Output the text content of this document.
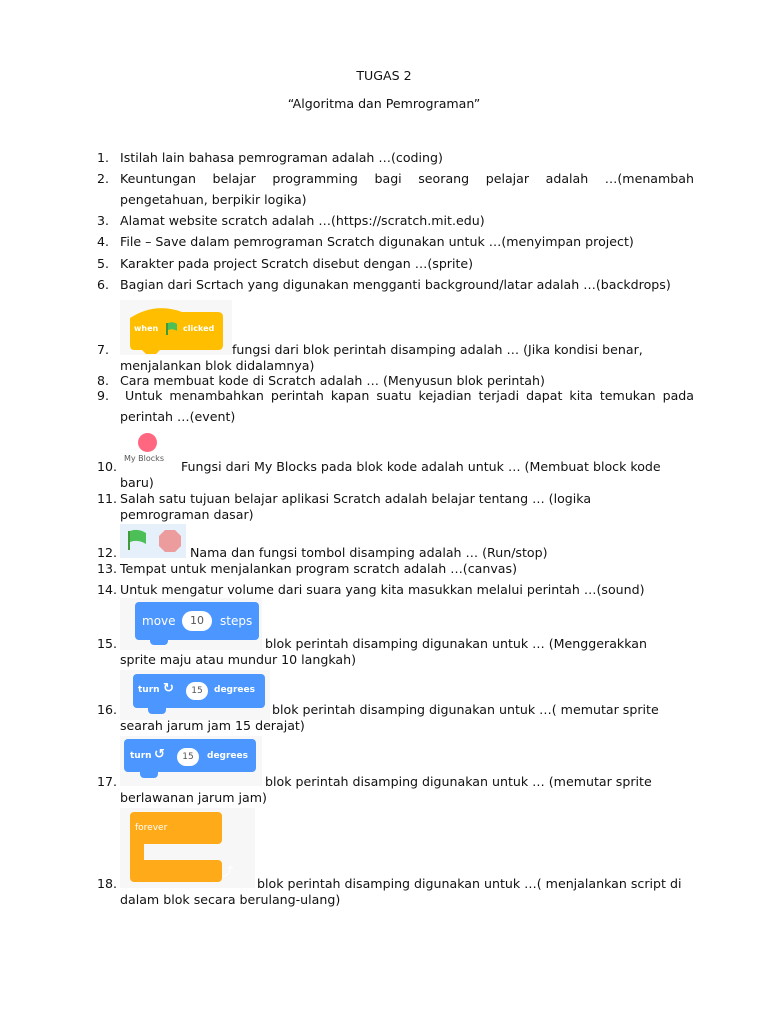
TUGAS 2
“Algoritma dan Pemrograman”
1. Istilah lain bahasa pemrograman adalah …(coding)
2. Keuntungan belajar programming bagi seorang pelajar adalah …(menambah
pengetahuan, berpikir logika)
3. Alamat website scratch adalah …(https://scratch.mit.edu)
4. File – Save dalam pemrograman Scratch digunakan untuk …(menyimpan project)
5. Karakter pada project Scratch disebut dengan …(sprite)
6. Bagian dari Scrtach yang digunakan mengganti background/latar adalah …(backdrops)
when	clicked
7.	fungsi dari blok perintah disamping adalah … (Jika kondisi benar,
menjalankan blok didalamnya)
8. Cara membuat kode di Scratch adalah … (Menyusun blok perintah)
9. Untuk menambahkan perintah kapan suatu kejadian terjadi dapat kita temukan pada
perintah …(event)
My Blocks
10.	Fungsi dari My Blocks pada blok kode adalah untuk … (Membuat block kode
baru)
11. Salah satu tujuan belajar aplikasi Scratch adalah belajar tentang … (logika
pemrograman dasar)
12.	Nama dan fungsi tombol disamping adalah … (Run/stop)
13. Tempat untuk menjalankan program scratch adalah …(canvas)
14. Untuk mengatur volume dari suara yang kita masukkan melalui perintah …(sound)
move	10	steps
15.	blok perintah disamping digunakan untuk … (Menggerakkan
sprite maju atau mundur 10 langkah)
turn ↻	15	degrees
16.	blok perintah disamping digunakan untuk …( memutar sprite
searah jarum jam 15 derajat)
turn ↺	15	degrees
17.	blok perintah disamping digunakan untuk … (memutar sprite
berlawanan jarum jam)
forever
⤴
18.	blok perintah disamping digunakan untuk …( menjalankan script di
dalam blok secara berulang-ulang)
